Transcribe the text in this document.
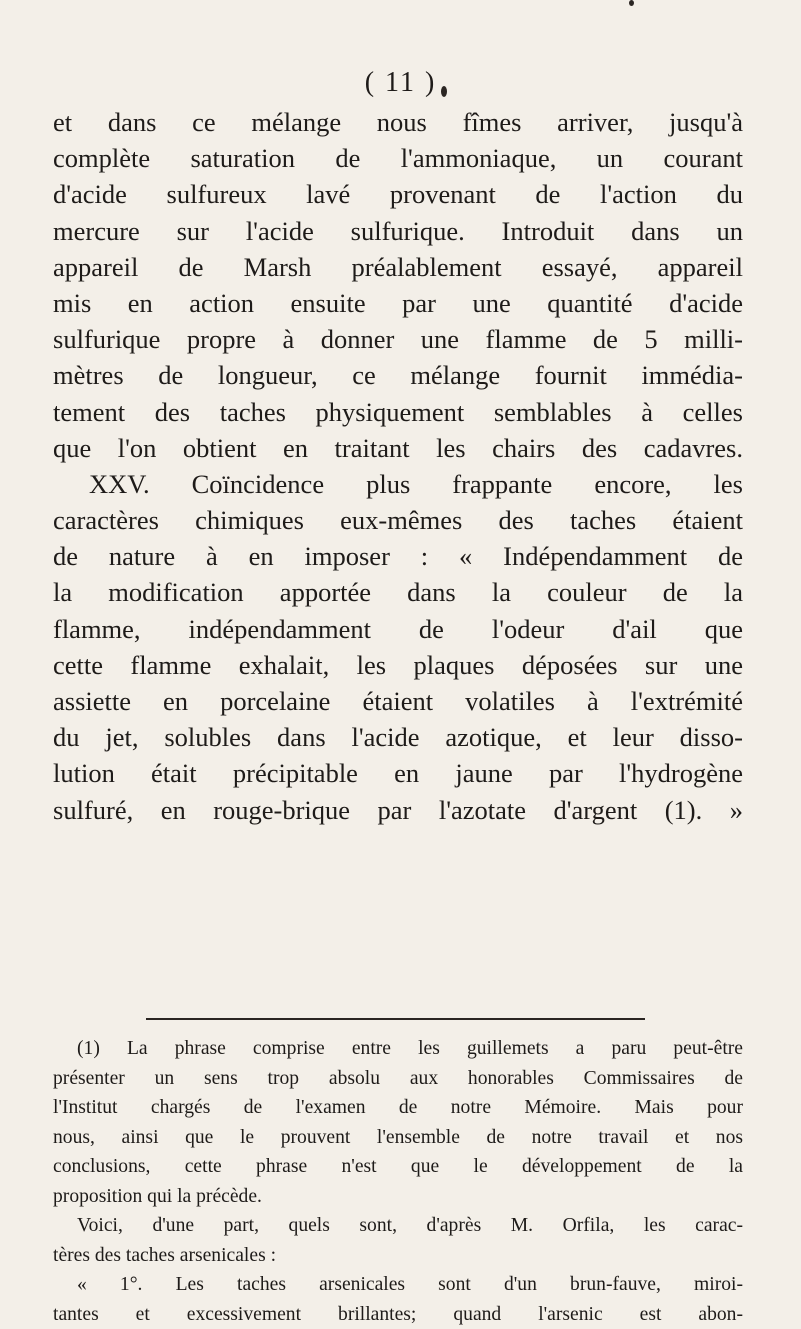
( 11 )
et dans ce mélange nous fîmes arriver, jusqu'à
complète saturation de l'ammoniaque, un courant
d'acide sulfureux lavé provenant de l'action du
mercure sur l'acide sulfurique. Introduit dans un
appareil de Marsh préalablement essayé, appareil
mis en action ensuite par une quantité d'acide
sulfurique propre à donner une flamme de 5 milli-
mètres de longueur, ce mélange fournit immédia-
tement des taches physiquement semblables à celles
que l'on obtient en traitant les chairs des cadavres.
XXV. Coïncidence plus frappante encore, les
caractères chimiques eux-mêmes des taches étaient
de nature à en imposer : « Indépendamment de
la modification apportée dans la couleur de la
flamme, indépendamment de l'odeur d'ail que
cette flamme exhalait, les plaques déposées sur une
assiette en porcelaine étaient volatiles à l'extrémité
du jet, solubles dans l'acide azotique, et leur disso-
lution était précipitable en jaune par l'hydrogène
sulfuré, en rouge-brique par l'azotate d'argent (1). »
(1) La phrase comprise entre les guillemets a paru peut-être
présenter un sens trop absolu aux honorables Commissaires de
l'Institut chargés de l'examen de notre Mémoire. Mais pour
nous, ainsi que le prouvent l'ensemble de notre travail et nos
conclusions, cette phrase n'est que le développement de la
proposition qui la précède.
Voici, d'une part, quels sont, d'après M. Orfila, les carac-
tères des taches arsenicales :
« 1°. Les taches arsenicales sont d'un brun-fauve, miroi-
tantes et excessivement brillantes; quand l'arsenic est abon-
